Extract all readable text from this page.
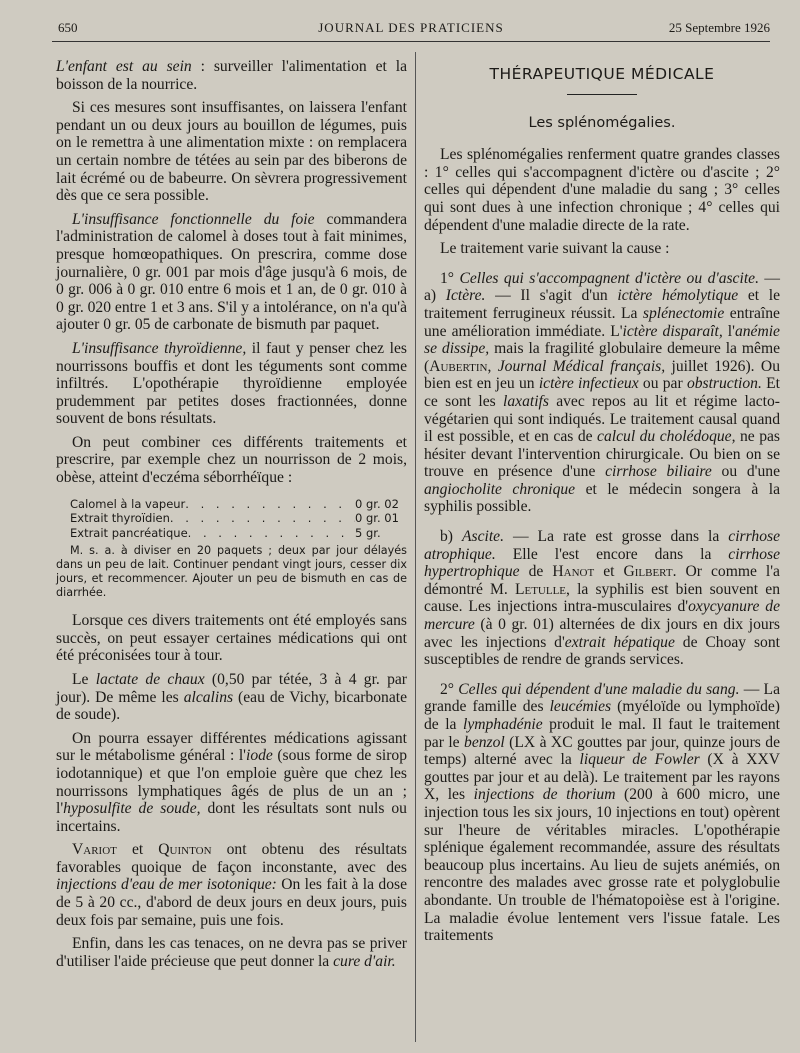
650	JOURNAL DES PRATICIENS	25 Septembre 1926

L'enfant est au sein : surveiller l'alimentation et la boisson de la nourrice.

Si ces mesures sont insuffisantes, on laissera l'enfant pendant un ou deux jours au bouillon de légumes, puis on le remettra à une alimentation mixte : on remplacera un certain nombre de tétées au sein par des biberons de lait écrémé ou de babeurre. On sèvrera progressivement dès que ce sera possible.

L'insuffisance fonctionnelle du foie commandera l'administration de calomel à doses tout à fait minimes, presque homœopathiques. On prescrira, comme dose journalière, 0 gr. 001 par mois d'âge jusqu'à 6 mois, de 0 gr. 006 à 0 gr. 010 entre 6 mois et 1 an, de 0 gr. 010 à 0 gr. 020 entre 1 et 3 ans. S'il y a intolérance, on n'a qu'à ajouter 0 gr. 05 de carbonate de bismuth par paquet.

L'insuffisance thyroïdienne, il faut y penser chez les nourrissons bouffis et dont les téguments sont comme infiltrés. L'opothérapie thyroïdienne employée prudemment par petites doses fractionnées, donne souvent de bons résultats.

On peut combiner ces différents traitements et prescrire, par exemple chez un nourrisson de 2 mois, obèse, atteint d'eczéma séborrhéïque :

Calomel à la vapeur . . .	0 gr. 02
Extrait thyroïdien . . .	0 gr. 01
Extrait pancréatique . . .	5 gr.
M. s. a. à diviser en 20 paquets ; deux par jour délayés dans un peu de lait. Continuer pendant vingt jours, cesser dix jours, et recommencer. Ajouter un peu de bismuth en cas de diarrhée.

Lorsque ces divers traitements ont été employés sans succès, on peut essayer certaines médications qui ont été préconisées tour à tour.

Le lactate de chaux (0,50 par tétée, 3 à 4 gr. par jour). De même les alcalins (eau de Vichy, bicarbonate de soude).

On pourra essayer différentes médications agissant sur le métabolisme général : l'iode (sous forme de sirop iodotannique) et que l'on emploie guère que chez les nourrissons lymphatiques âgés de plus de un an ; l'hyposulfite de soude, dont les résultats sont nuls ou incertains.

Variot et Quinton ont obtenu des résultats favorables quoique de façon inconstante, avec des injections d'eau de mer isotonique: On les fait à la dose de 5 à 20 cc., d'abord de deux jours en deux jours, puis deux fois par semaine, puis une fois.

Enfin, dans les cas tenaces, on ne devra pas se priver d'utiliser l'aide précieuse que peut donner la cure d'air.

THÉRAPEUTIQUE MÉDICALE
Les splénomégalies.

Les splénomégalies renferment quatre grandes classes : 1° celles qui s'accompagnent d'ictère ou d'ascite ; 2° celles qui dépendent d'une maladie du sang ; 3° celles qui sont dues à une infection chronique ; 4° celles qui dépendent d'une maladie directe de la rate.

Le traitement varie suivant la cause :

1° Celles qui s'accompagnent d'ictère ou d'ascite. — a) Ictère. — Il s'agit d'un ictère hémolytique et le traitement ferrugineux réussit. La splénectomie entraîne une amélioration immédiate. L'ictère disparaît, l'anémie se dissipe, mais la fragilité globulaire demeure la même (Aubertin, Journal Médical français, juillet 1926). Ou bien est en jeu un ictère infectieux ou par obstruction. Et ce sont les laxatifs avec repos au lit et régime lacto-végétarien qui sont indiqués. Le traitement causal quand il est possible, et en cas de calcul du cholédoque, ne pas hésiter devant l'intervention chirurgicale. Ou bien on se trouve en présence d'une cirrhose biliaire ou d'une angiocholite chronique et le médecin songera à la syphilis possible.

b) Ascite. — La rate est grosse dans la cirrhose atrophique. Elle l'est encore dans la cirrhose hypertrophique de Hanot et Gilbert. Or comme l'a démontré M. Letulle, la syphilis est bien souvent en cause. Les injections intra-musculaires d'oxycyanure de mercure (à 0 gr. 01) alternées de dix jours en dix jours avec les injections d'extrait hépatique de Choay sont susceptibles de rendre de grands services.

2° Celles qui dépendent d'une maladie du sang. — La grande famille des leucémies (myéloïde ou lymphoïde) de la lymphadénie produit le mal. Il faut le traitement par le benzol (LX à XC gouttes par jour, quinze jours de temps) alterné avec la liqueur de Fowler (X à XXV gouttes par jour et au delà). Le traitement par les rayons X, les injections de thorium (200 à 600 micro, une injection tous les six jours, 10 injections en tout) opèrent sur l'heure de véritables miracles. L'opothérapie splénique également recommandée, assure des résultats beaucoup plus incertains. Au lieu de sujets anémiés, on rencontre des malades avec grosse rate et polyglobulie abondante. Un trouble de l'hématopoièse est à l'origine. La maladie évolue lentement vers l'issue fatale. Les traitements
